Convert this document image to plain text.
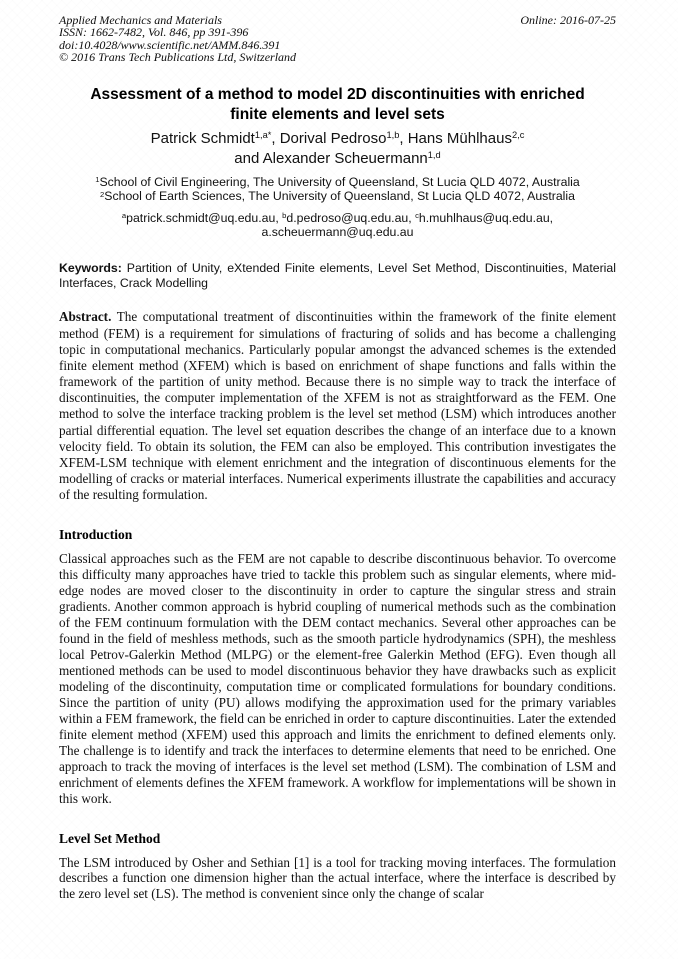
Applied Mechanics and Materials
ISSN: 1662-7482, Vol. 846, pp 391-396
doi:10.4028/www.scientific.net/AMM.846.391
© 2016 Trans Tech Publications Ltd, Switzerland
Online: 2016-07-25
Assessment of a method to model 2D discontinuities with enriched
finite elements and level sets
Patrick Schmidt$^{1,a*}$, Dorival Pedroso$^{1,b}$, Hans Mühlhaus$^{2,c}$
and Alexander Scheuermann$^{1,d}$
$^1$School of Civil Engineering, The University of Queensland, St Lucia QLD 4072, Australia
$^2$School of Earth Sciences, The University of Queensland, St Lucia QLD 4072, Australia
$^a$patrick.schmidt@uq.edu.au, $^b$d.pedroso@uq.edu.au, $^c$h.muhlhaus@uq.edu.au,
a.scheuermann@uq.edu.au

Keywords: Partition of Unity, eXtended Finite elements, Level Set Method, Discontinuities, Material Interfaces, Crack Modelling

Abstract. The computational treatment of discontinuities within the framework of the finite element method (FEM) is a requirement for simulations of fracturing of solids and has become a challenging topic in computational mechanics. Particularly popular amongst the advanced schemes is the extended finite element method (XFEM) which is based on enrichment of shape functions and falls within the framework of the partition of unity method. Because there is no simple way to track the interface of discontinuities, the computer implementation of the XFEM is not as straightforward as the FEM. One method to solve the interface tracking problem is the level set method (LSM) which introduces another partial differential equation. The level set equation describes the change of an interface due to a known velocity field. To obtain its solution, the FEM can also be employed. This contribution investigates the XFEM-LSM technique with element enrichment and the integration of discontinuous elements for the modelling of cracks or material interfaces. Numerical experiments illustrate the capabilities and accuracy of the resulting formulation.

Introduction

Classical approaches such as the FEM are not capable to describe discontinuous behavior. To overcome this difficulty many approaches have tried to tackle this problem such as singular elements, where mid-edge nodes are moved closer to the discontinuity in order to capture the singular stress and strain gradients. Another common approach is hybrid coupling of numerical methods such as the combination of the FEM continuum formulation with the DEM contact mechanics. Several other approaches can be found in the field of meshless methods, such as the smooth particle hydrodynamics (SPH), the meshless local Petrov-Galerkin Method (MLPG) or the element-free Galerkin Method (EFG). Even though all mentioned methods can be used to model discontinuous behavior they have drawbacks such as explicit modeling of the discontinuity, computation time or complicated formulations for boundary conditions. Since the partition of unity (PU) allows modifying the approximation used for the primary variables within a FEM framework, the field can be enriched in order to capture discontinuities. Later the extended finite element method (XFEM) used this approach and limits the enrichment to defined elements only. The challenge is to identify and track the interfaces to determine elements that need to be enriched. One approach to track the moving of interfaces is the level set method (LSM). The combination of LSM and enrichment of elements defines the XFEM framework. A workflow for implementations will be shown in this work.

Level Set Method

The LSM introduced by Osher and Sethian [1] is a tool for tracking moving interfaces. The formulation describes a function one dimension higher than the actual interface, where the interface is described by the zero level set (LS). The method is convenient since only the change of scalar
